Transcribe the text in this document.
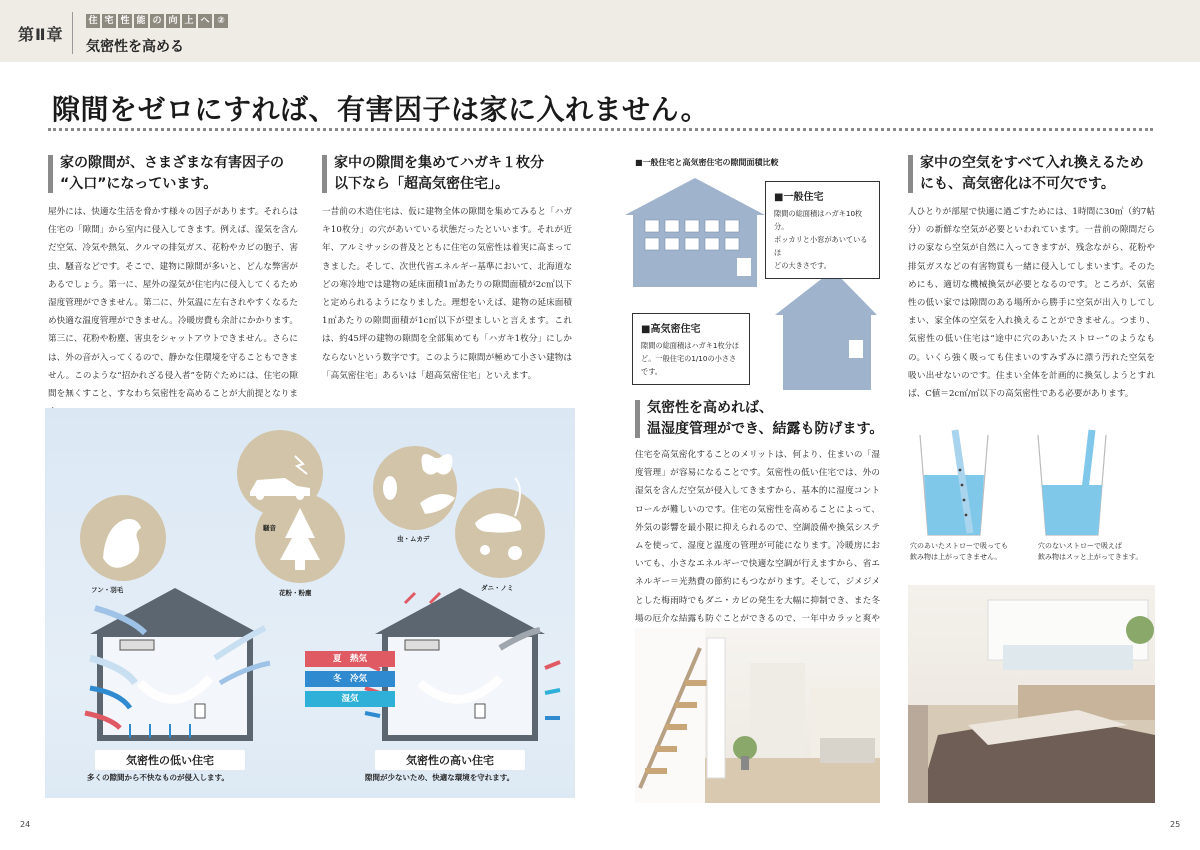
第Ⅱ章
住 宅 性 能 の 向 上 へ ②
気密性を高める
隙間をゼロにすれば、有害因子は家に入れません。
家の隙間が、さまざまな有害因子の
“入口”になっています。
屋外には、快適な生活を脅かす様々の因子があります。それらは住宅の「隙間」から室内に侵入してきます。例えば、湿気を含んだ空気、冷気や熱気、クルマの排気ガス、花粉やカビの胞子、害虫、騒音などです。そこで、建物に隙間が多いと、どんな弊害があるでしょう。第一に、屋外の湿気が住宅内に侵入してくるため湿度管理ができません。第二に、外気温に左右されやすくなるため快適な温度管理ができません。冷暖房費も余計にかかります。第三に、花粉や粉塵、害虫をシャットアウトできません。さらには、外の音が入ってくるので、静かな住環境を守ることもできません。このような“招かれざる侵入者”を防ぐためには、住宅の隙間を無くすこと、すなわち気密性を高めることが大前提となりま
家中の隙間を集めてハガキ１枚分
以下なら「超高気密住宅」。
一昔前の木造住宅は、仮に建物全体の隙間を集めてみると「ハガキ10枚分」の穴があいている状態だったといいます。それが近年、アルミサッシの普及とともに住宅の気密性は着実に高まってきました。そして、次世代省エネルギー基準において、北海道などの寒冷地では建物の延床面積1㎡あたりの隙間面積が2c㎡以下と定められるようになりました。理想をいえば、建物の延床面積1㎡あたりの隙間面積が1c㎡以下が望ましいと言えます。これは、約45坪の建物の隙間を全部集めても「ハガキ1枚分」にしかならないという数字です。このように隙間が極めて小さい建物は「高気密住宅」あるいは「超高気密住宅」といえます。
騒音
フン・羽毛	花粉・粉塵
虫・ムカデ
ダニ・ノミ
夏　熱気
冬　冷気
湿気
気密性の低い住宅
多くの隙間から不快なものが侵入します。
気密性の高い住宅
隙間が少ないため、快適な環境を守れます。
■一般住宅と高気密住宅の隙間面積比較
■一般住宅
隙間の総面積はハガキ10枚分。
ポッカリと小窓があいているほ
どの大きさです。
■高気密住宅
隙間の総面積はハガキ1枚分ほ
ど。一般住宅の1/10の小ささ
です。
気密性を高めれば、
温湿度管理ができ、結露も防げます。
住宅を高気密化することのメリットは、何より、住まいの「湿度管理」が容易になることです。気密性の低い住宅では、外の湿気を含んだ空気が侵入してきますから、基本的に湿度コントロールが難しいのです。住宅の気密性を高めることによって、外気の影響を最小限に抑えられるので、空調設備や換気システムを使って、湿度と温度の管理が可能になります。冷暖房においても、小さなエネルギーで快適な空調が行えますから、省エネルギー＝光熱費の節約にもつながります。そして、ジメジメとした梅雨時でもダニ・カビの発生を大幅に抑制でき、また冬場の厄介な結露も防ぐことができるので、一年中カラッと爽や
家中の空気をすべて入れ換えるため
にも、高気密化は不可欠です。
人ひとりが部屋で快適に過ごすためには、1時間に30㎥（約7帖分）の新鮮な空気が必要といわれています。一昔前の隙間だらけの家なら空気が自然に入ってきますが、残念ながら、花粉や排気ガスなどの有害物質も一緒に侵入してしまいます。そのためにも、適切な機械換気が必要となるのです。ところが、気密性の低い家では隙間のある場所から勝手に空気が出入りしてしまい、家全体の空気を入れ換えることができません。つまり、気密性の低い住宅は“途中に穴のあいたストロー”のようなもの。いくら強く吸っても住まいのすみずみに漂う汚れた空気を吸い出せないのです。住まい全体を計画的に換気しようとすれば、C値＝2c㎡/㎡以下の高気密性である必要があります。
穴のあいたストローで吸っても
飲み物は上がってきません。
穴のないストローで吸えば
飲み物はスッと上がってきます。
24	25
